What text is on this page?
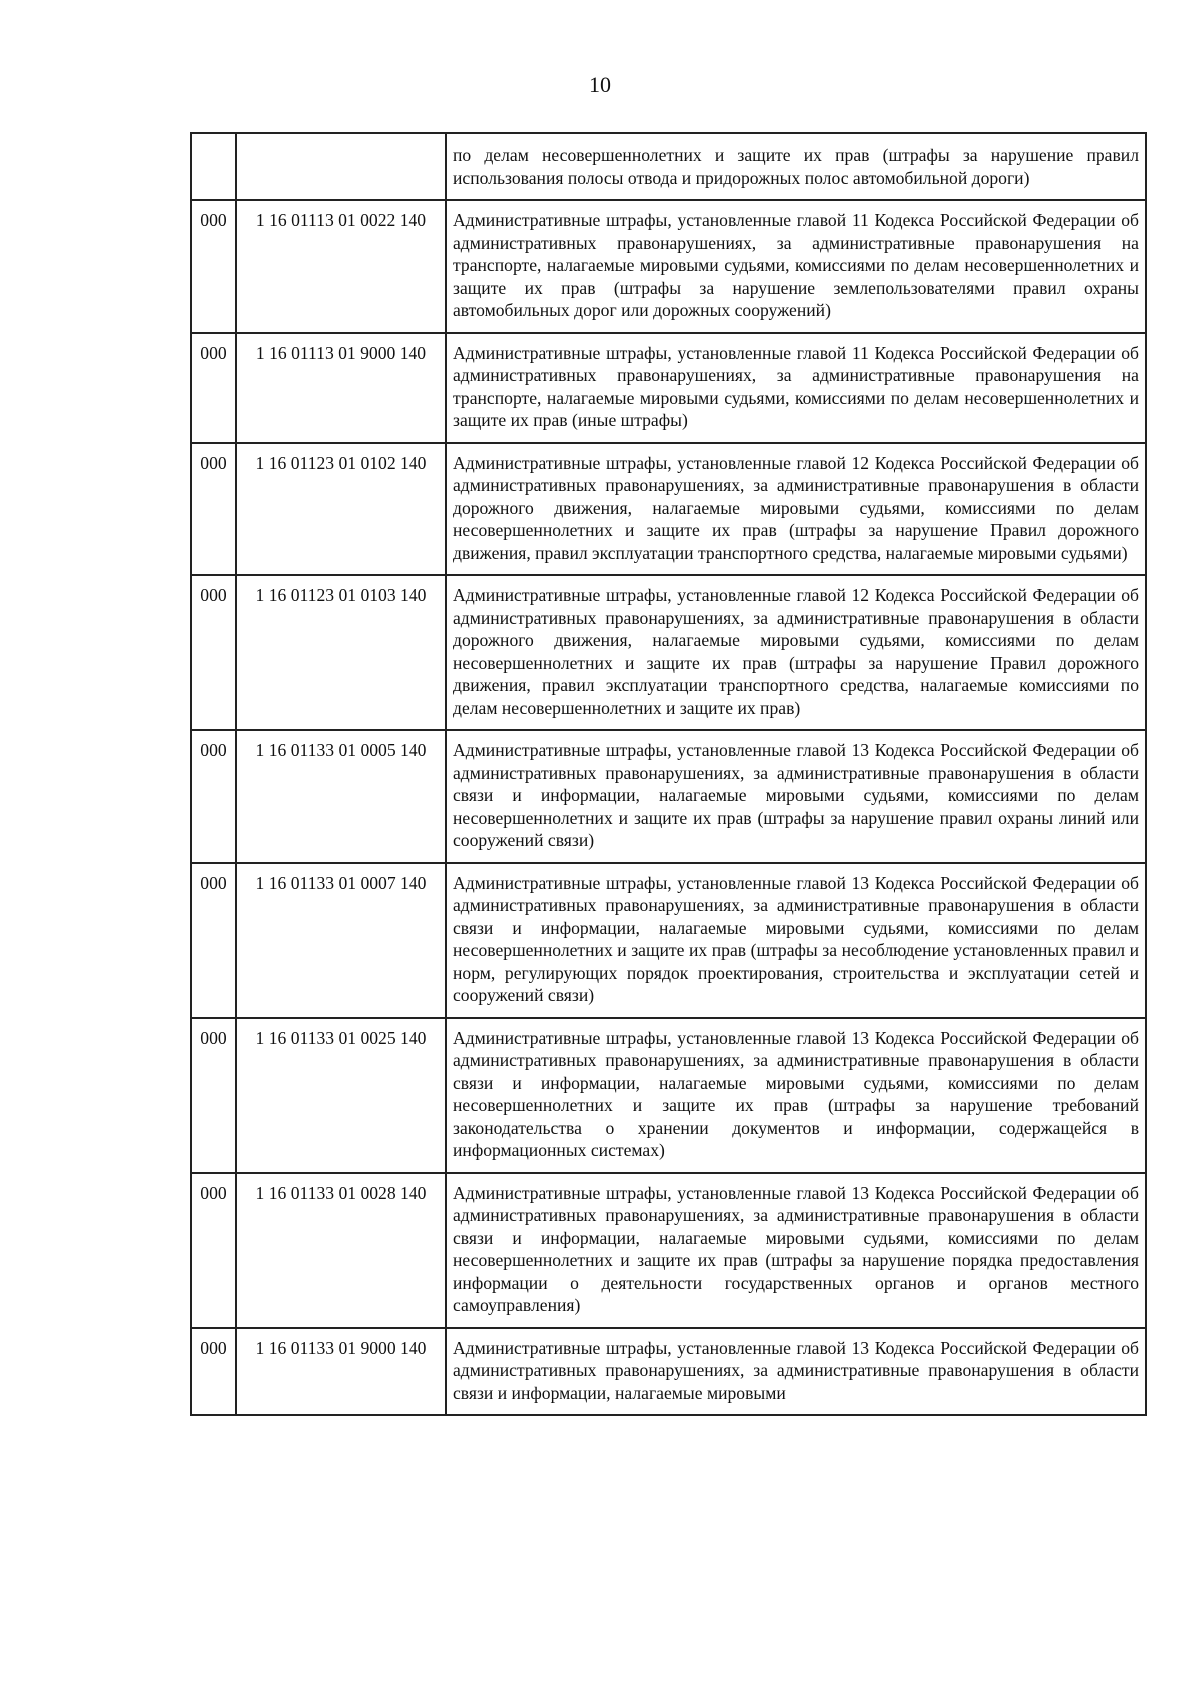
10
		по делам несовершеннолетних и защите их прав (штрафы за нарушение правил использования полосы отвода и придорожных полос автомобильной дороги)
000	1 16 01113 01 0022 140	Административные штрафы, установленные главой 11 Кодекса Российской Федерации об административных правонарушениях, за административные правонарушения на транспорте, налагаемые мировыми судьями, комиссиями по делам несовершеннолетних и защите их прав (штрафы за нарушение землепользователями правил охраны автомобильных дорог или дорожных сооружений)
000	1 16 01113 01 9000 140	Административные штрафы, установленные главой 11 Кодекса Российской Федерации об административных правонарушениях, за административные правонарушения на транспорте, налагаемые мировыми судьями, комиссиями по делам несовершеннолетних и защите их прав (иные штрафы)
000	1 16 01123 01 0102 140	Административные штрафы, установленные главой 12 Кодекса Российской Федерации об административных правонарушениях, за административные правонарушения в области дорожного движения, налагаемые мировыми судьями, комиссиями по делам несовершеннолетних и защите их прав (штрафы за нарушение Правил дорожного движения, правил эксплуатации транспортного средства, налагаемые мировыми судьями)
000	1 16 01123 01 0103 140	Административные штрафы, установленные главой 12 Кодекса Российской Федерации об административных правонарушениях, за административные правонарушения в области дорожного движения, налагаемые мировыми судьями, комиссиями по делам несовершеннолетних и защите их прав (штрафы за нарушение Правил дорожного движения, правил эксплуатации транспортного средства, налагаемые комиссиями по делам несовершеннолетних и защите их прав)
000	1 16 01133 01 0005 140	Административные штрафы, установленные главой 13 Кодекса Российской Федерации об административных правонарушениях, за административные правонарушения в области связи и информации, налагаемые мировыми судьями, комиссиями по делам несовершеннолетних и защите их прав (штрафы за нарушение правил охраны линий или сооружений связи)
000	1 16 01133 01 0007 140	Административные штрафы, установленные главой 13 Кодекса Российской Федерации об административных правонарушениях, за административные правонарушения в области связи и информации, налагаемые мировыми судьями, комиссиями по делам несовершеннолетних и защите их прав (штрафы за несоблюдение установленных правил и норм, регулирующих порядок проектирования, строительства и эксплуатации сетей и сооружений связи)
000	1 16 01133 01 0025 140	Административные штрафы, установленные главой 13 Кодекса Российской Федерации об административных правонарушениях, за административные правонарушения в области связи и информации, налагаемые мировыми судьями, комиссиями по делам несовершеннолетних и защите их прав (штрафы за нарушение требований законодательства о хранении документов и информации, содержащейся в информационных системах)
000	1 16 01133 01 0028 140	Административные штрафы, установленные главой 13 Кодекса Российской Федерации об административных правонарушениях, за административные правонарушения в области связи и информации, налагаемые мировыми судьями, комиссиями по делам несовершеннолетних и защите их прав (штрафы за нарушение порядка предоставления информации о деятельности государственных органов и органов местного самоуправления)
000	1 16 01133 01 9000 140	Административные штрафы, установленные главой 13 Кодекса Российской Федерации об административных правонарушениях, за административные правонарушения в области связи и информации, налагаемые мировыми
